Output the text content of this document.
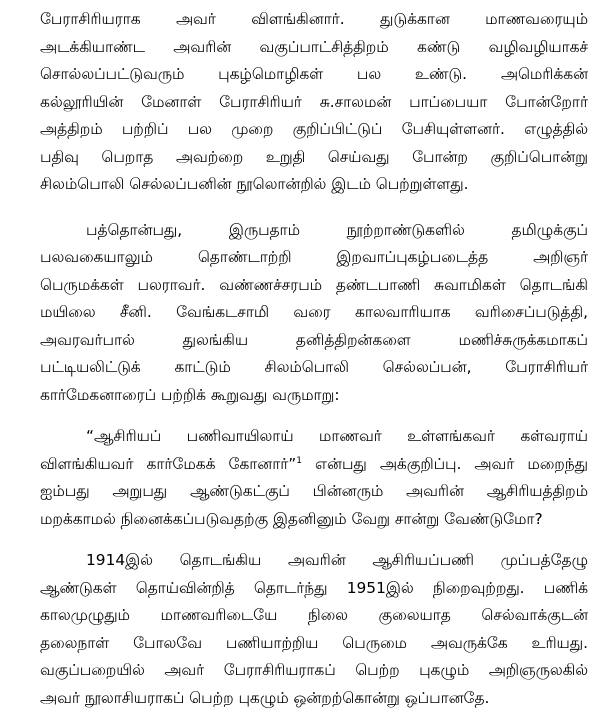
பேராசிரியராக அவர் விளங்கினார். துடுக்கான மாணவரையும்
அடக்கியாண்ட அவரின் வகுப்பாட்சித்திறம் கண்டு வழிவழியாகச்
சொல்லப்பட்டுவரும் புகழ்மொழிகள் பல உண்டு. அமெரிக்கன்
கல்லூரியின் மேனாள் பேராசிரியர் சு.சாலமன் பாப்பையா போன்றோர்
அத்திறம் பற்றிப் பல முறை குறிப்பிட்டுப் பேசியுள்ளனர். எழுத்தில்
பதிவு பெறாத அவற்றை உறுதி செய்வது போன்ற குறிப்பொன்று
சிலம்பொலி செல்லப்பனின் நூலொன்றில் இடம் பெற்றுள்ளது.
பத்தொன்பது, இருபதாம் நூற்றாண்டுகளில் தமிழுக்குப்
பலவகையாலும் தொண்டாற்றி இறவாப்புகழ்படைத்த அறிஞர்
பெருமக்கள் பலராவர். வண்ணச்சரபம் தண்டபாணி சுவாமிகள் தொடங்கி
மயிலை சீனி. வேங்கடசாமி வரை காலவாரியாக வரிசைப்படுத்தி,
அவரவர்பால் துலங்கிய தனித்திறன்களை மணிச்சுருக்கமாகப்
பட்டியலிட்டுக் காட்டும் சிலம்பொலி செல்லப்பன், பேராசிரியர்
கார்மேகனாரைப் பற்றிக் கூறுவது வருமாறு:
“ஆசிரியப் பணிவாயிலாய் மாணவர் உள்ளங்கவர் கள்வராய்
விளங்கியவர் கார்மேகக் கோனார்”$^1$ என்பது அக்குறிப்பு. அவர் மறைந்து
ஐம்பது அறுபது ஆண்டுகட்குப் பின்னரும் அவரின் ஆசிரியத்திறம்
மறக்காமல் நினைக்கப்படுவதற்கு இதனினும் வேறு சான்று வேண்டுமோ?
1914இல் தொடங்கிய அவரின் ஆசிரியப்பணி முப்பத்தேழு
ஆண்டுகள் தொய்வின்றித் தொடர்ந்து 1951இல் நிறைவுற்றது. பணிக்
காலமுழுதும் மாணவரிடையே நிலை குலையாத செல்வாக்குடன்
தலைநாள் போலவே பணியாற்றிய பெருமை அவருக்கே உரியது.
வகுப்பறையில் அவர் பேராசிரியராகப் பெற்ற புகழும் அறிஞருலகில்
அவர் நூலாசியராகப் பெற்ற புகழும் ஒன்றற்கொன்று ஒப்பானதே.
